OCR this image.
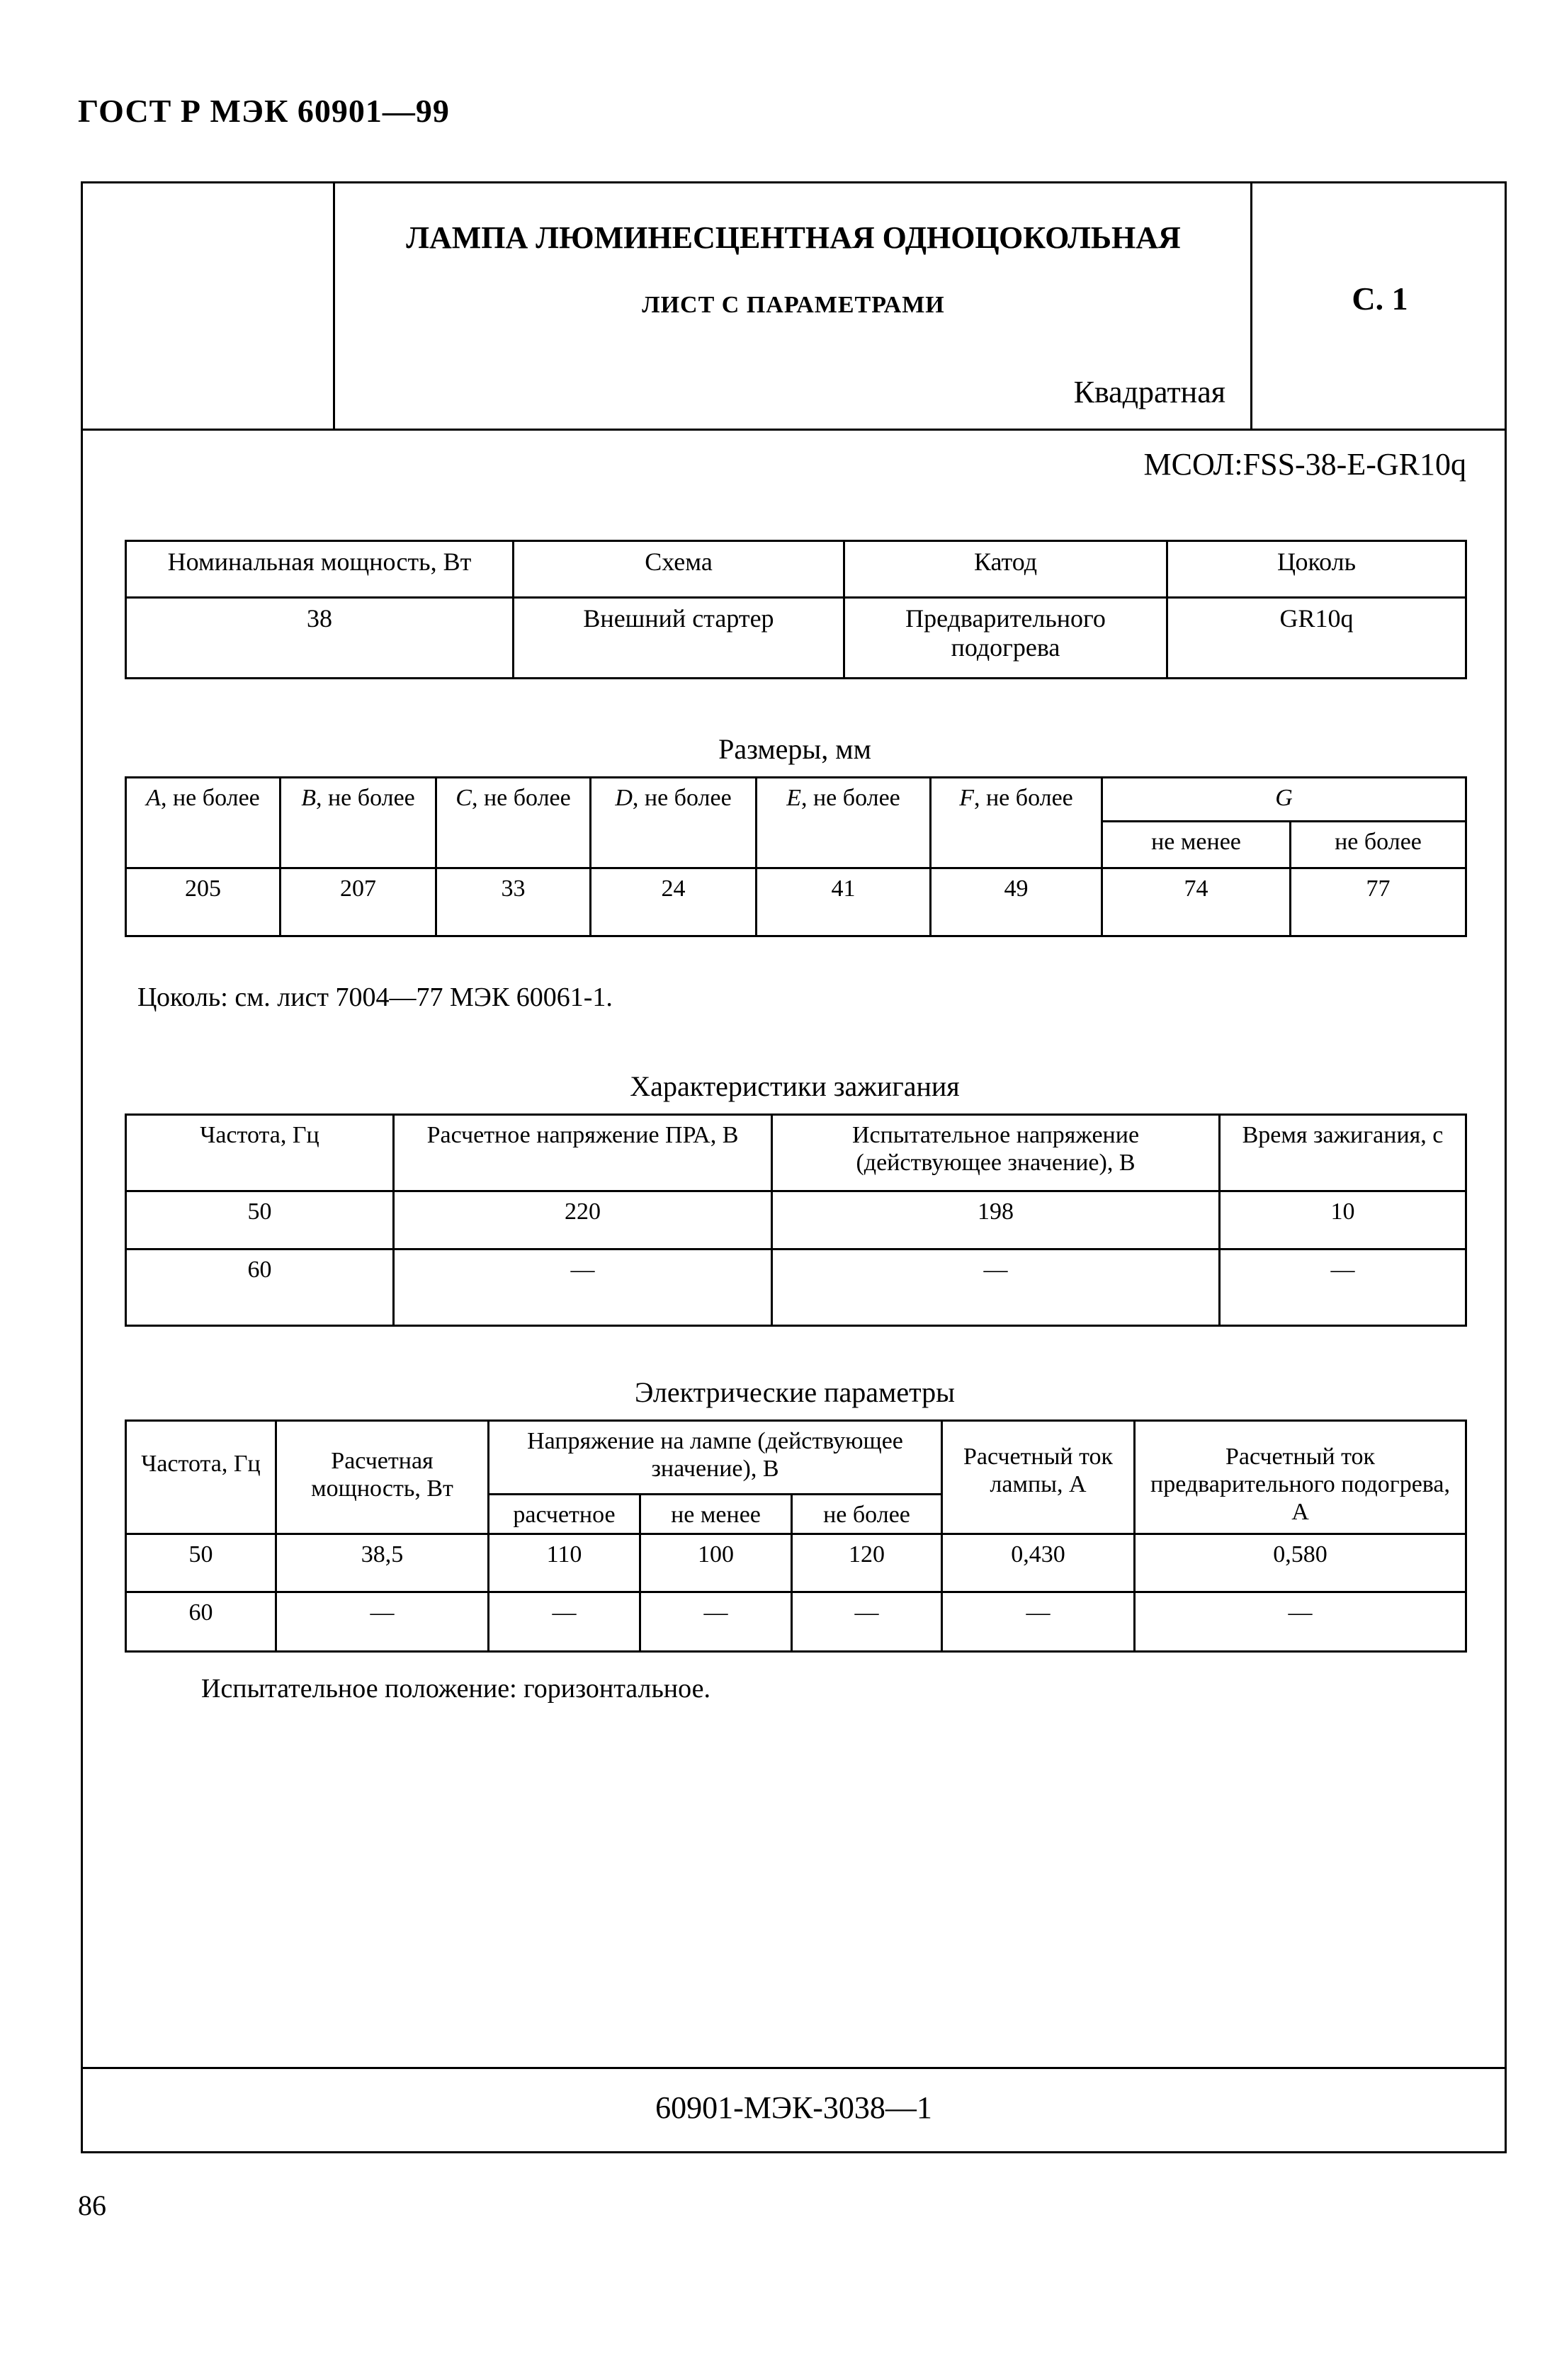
ГОСТ Р МЭК 60901—99
ЛАМПА ЛЮМИНЕСЦЕНТНАЯ ОДНОЦОКОЛЬНАЯ
ЛИСТ С ПАРАМЕТРАМИ
Квадратная
С. 1
МСОЛ:FSS-38-E-GR10q
Номинальная мощность, Вт	Схема	Катод	Цоколь
38	Внешний стартер	Предварительного подогрева	GR10q
Размеры, мм
A, не более	B, не более	C, не более	D, не более	E, не более	F, не более	G	
						не менее	не более
205	207	33	24	41	49	74	77
Цоколь: см. лист 7004—77 МЭК 60061-1.
Характеристики зажигания
Частота, Гц	Расчетное напряжение ПРА, В	Испытательное напряжение (действующее значение), В	Время зажигания, с
50	220	198	10
60	—	—	—
Электрические параметры
Частота, Гц	Расчетная мощность, Вт	Напряжение на лампе (действующее значение), В			Расчетный ток лампы, А	Расчетный ток предварительного подогрева, А
		расчетное	не менее	не более		
50	38,5	110	100	120	0,430	0,580
60	—	—	—	—	—	—
Испытательное положение: горизонтальное.
60901-МЭК-3038—1
86
